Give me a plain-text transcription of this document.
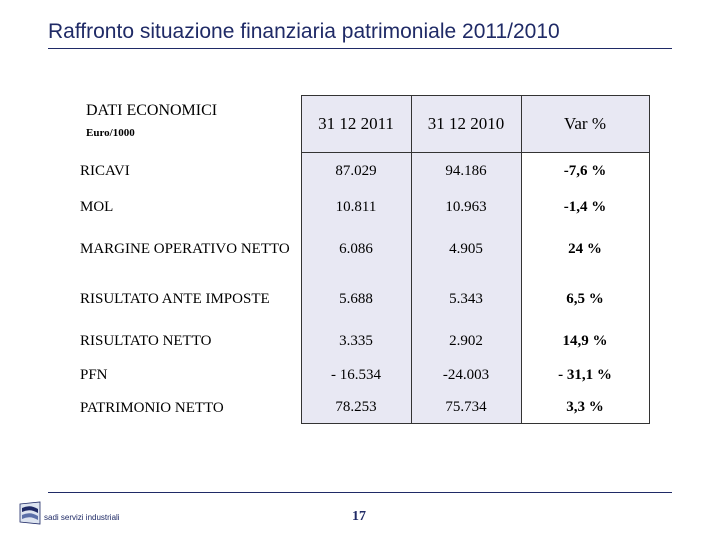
Raffronto situazione finanziaria patrimoniale 2011/2010
DATI ECONOMICI
Euro/1000	31 12 2011	31 12 2010	Var %
RICAVI	87.029	94.186	-7,6 %
MOL	10.811	10.963	-1,4 %
MARGINE OPERATIVO NETTO	6.086	4.905	24 %
RISULTATO ANTE IMPOSTE	5.688	5.343	6,5 %
RISULTATO NETTO	3.335	2.902	14,9 %
PFN	- 16.534	-24.003	- 31,1 %
PATRIMONIO NETTO	78.253	75.734	3,3 %
sadi servizi industriali	17
